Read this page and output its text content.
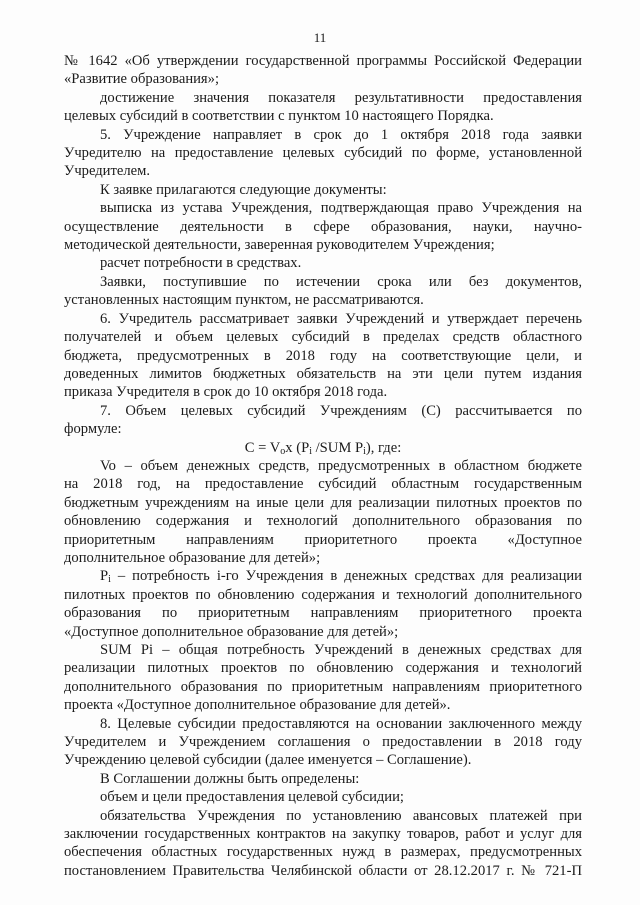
11

№ 1642 «Об утверждении государственной программы Российской Федерации

«Развитие образования»;

достижение значения показателя результативности предоставления

целевых субсидий в соответствии с пунктом 10 настоящего Порядка.

5. Учреждение направляет в срок до 1 октября 2018 года заявки

Учредителю на предоставление целевых субсидий по форме, установленной

Учредителем.

К заявке прилагаются следующие документы:

выписка из устава Учреждения, подтверждающая право Учреждения на

осуществление деятельности в сфере образования, науки, научно-

методической деятельности, заверенная руководителем Учреждения;

расчет потребности в средствах.

Заявки, поступившие по истечении срока или без документов,

установленных настоящим пунктом, не рассматриваются.

6. Учредитель рассматривает заявки Учреждений и утверждает перечень

получателей и объем целевых субсидий в пределах средств областного

бюджета, предусмотренных в 2018 году на соответствующие цели, и

доведенных лимитов бюджетных обязательств на эти цели путем издания

приказа Учредителя в срок до 10 октября 2018 года.

7. Объем целевых субсидий Учреждениям (С) рассчитывается по

формуле:

$C = V_ox$ ($P_i$ /SUM $P_i$), где:

Vo – объем денежных средств, предусмотренных в областном бюджете

на 2018 год, на предоставление субсидий областным государственным

бюджетным учреждениям на иные цели для реализации пилотных проектов по

обновлению содержания и технологий дополнительного образования по

приоритетным направлениям приоритетного проекта «Доступное

дополнительное образование для детей»;

$P_i$ – потребность i-го Учреждения в денежных средствах для реализации

пилотных проектов по обновлению содержания и технологий дополнительного

образования по приоритетным направлениям приоритетного проекта

«Доступное дополнительное образование для детей»;

SUM Pi – общая потребность Учреждений в денежных средствах для

реализации пилотных проектов по обновлению содержания и технологий

дополнительного образования по приоритетным направлениям приоритетного

проекта «Доступное дополнительное образование для детей».

8. Целевые субсидии предоставляются на основании заключенного между

Учредителем и Учреждением соглашения о предоставлении в 2018 году

Учреждению целевой субсидии (далее именуется – Соглашение).

В Соглашении должны быть определены:

объем и цели предоставления целевой субсидии;

обязательства Учреждения по установлению авансовых платежей при

заключении государственных контрактов на закупку товаров, работ и услуг для

обеспечения областных государственных нужд в размерах, предусмотренных

постановлением Правительства Челябинской области от 28.12.2017 г. № 721-П
